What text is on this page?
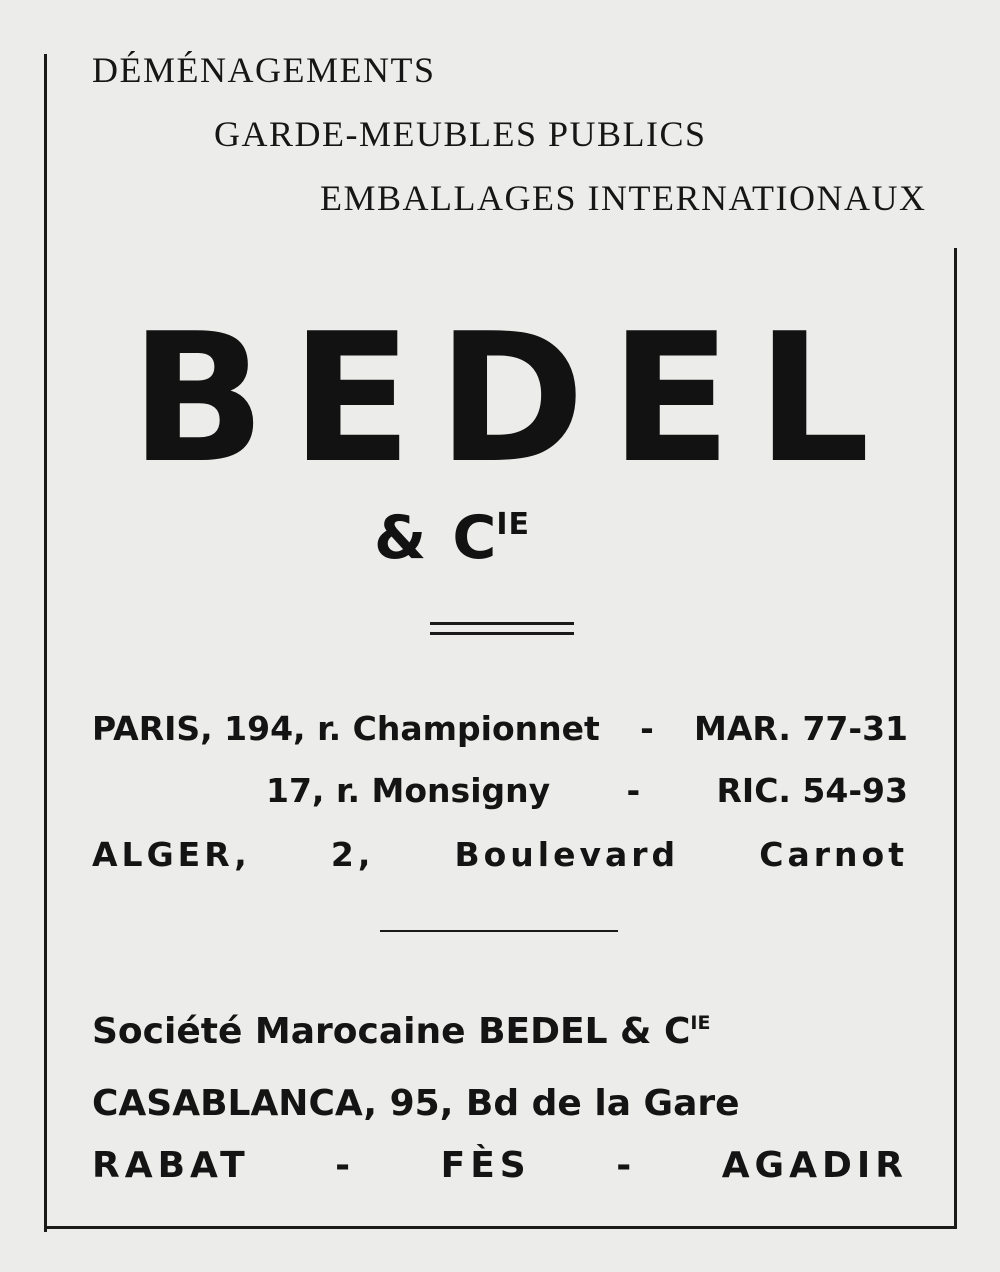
DÉMÉNAGEMENTS
GARDE-MEUBLES PUBLICS
EMBALLAGES INTERNATIONAUX
B E D E L
& $C^{IE}$
PARIS, 194, r. Championnet - MAR. 77-31
17, r. Monsigny - RIC. 54-93
ALGER, 2, Boulevard Carnot
Société Marocaine BEDEL & $C^{IE}$
CASABLANCA, 95, Bd de la Gare
RABAT - FÈS - AGADIR
